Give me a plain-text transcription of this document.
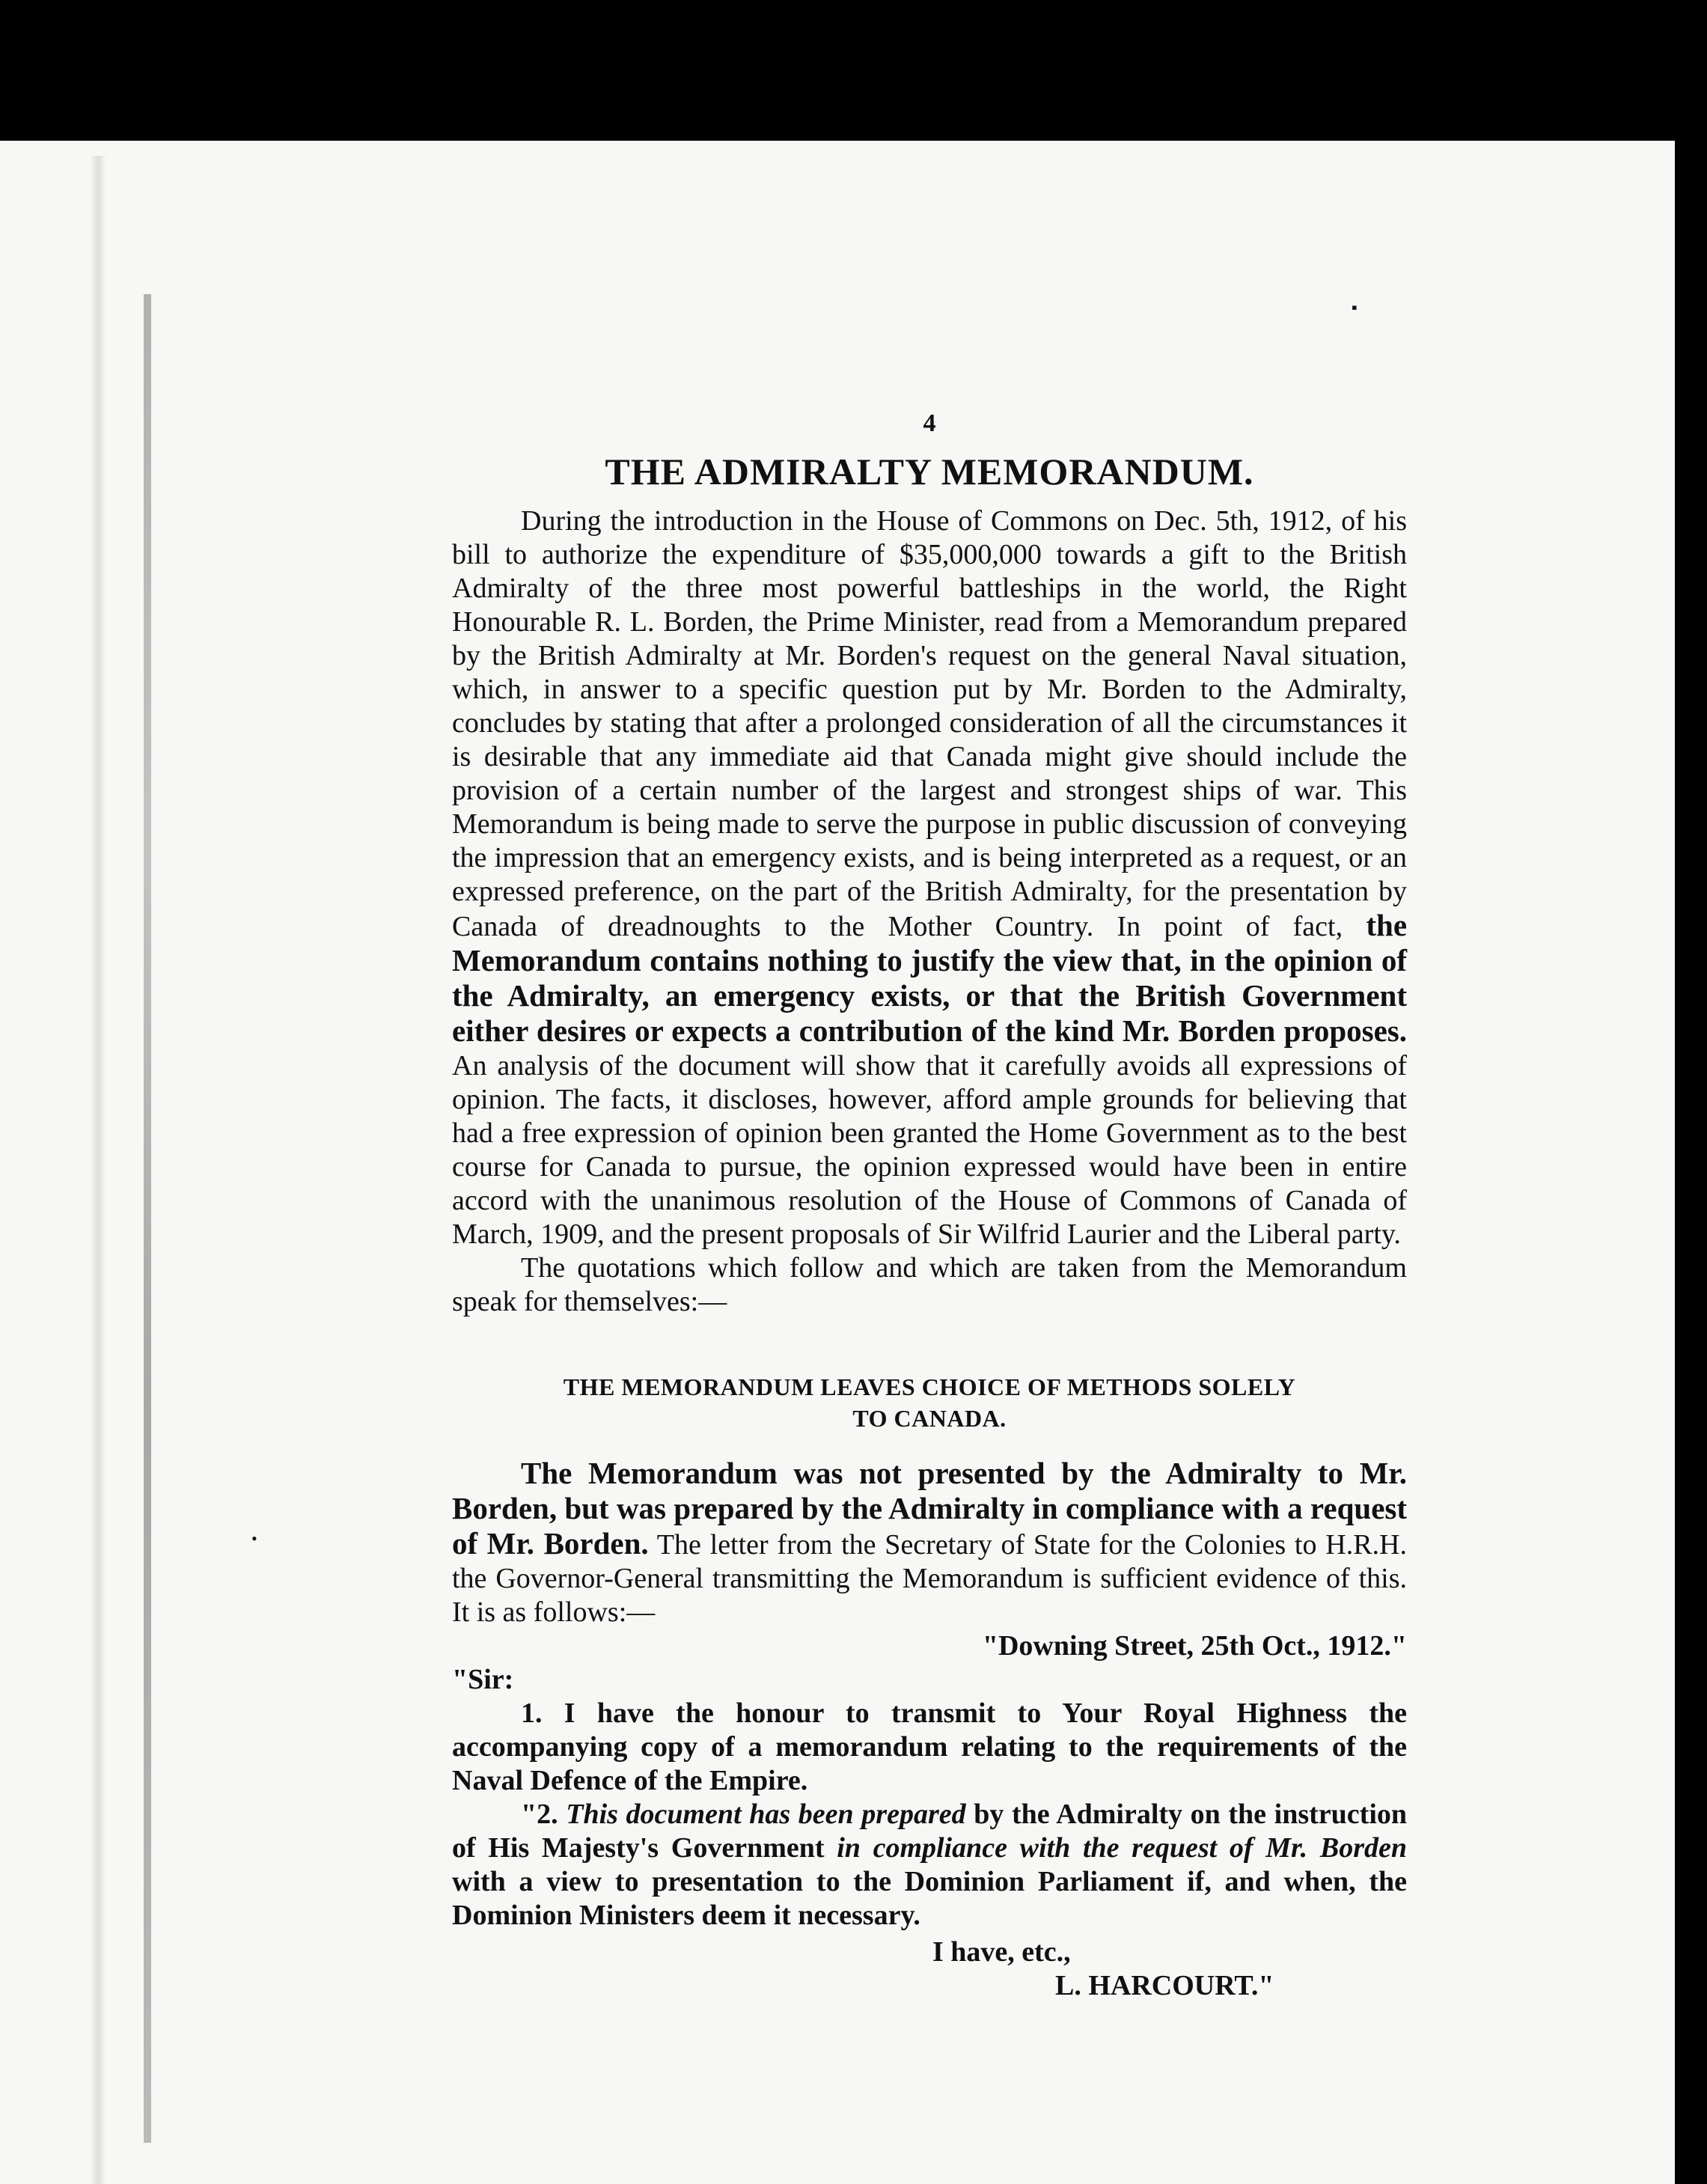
▪
•
4
THE ADMIRALTY MEMORANDUM.

During the introduction in the House of Commons on Dec. 5th, 1912, of his bill to authorize the expenditure of $35,000,000 towards a gift to the British Admiralty of the three most powerful battleships in the world, the Right Honourable R. L. Borden, the Prime Minister, read from a Memorandum prepared by the British Admiralty at Mr. Borden's request on the general Naval situation, which, in answer to a specific question put by Mr. Borden to the Admiralty, concludes by stating that after a prolonged consideration of all the circumstances it is desirable that any immediate aid that Canada might give should include the provision of a certain number of the largest and strongest ships of war. This Memorandum is being made to serve the purpose in public discussion of conveying the impression that an emergency exists, and is being interpreted as a request, or an expressed preference, on the part of the British Admiralty, for the presentation by Canada of dreadnoughts to the Mother Country. In point of fact, the Memorandum contains nothing to justify the view that, in the opinion of the Admiralty, an emergency exists, or that the British Government either desires or expects a contribution of the kind Mr. Borden proposes. An analysis of the document will show that it carefully avoids all expressions of opinion. The facts, it discloses, however, afford ample grounds for believing that had a free expression of opinion been granted the Home Government as to the best course for Canada to pursue, the opinion expressed would have been in entire accord with the unanimous resolution of the House of Commons of Canada of March, 1909, and the present proposals of Sir Wilfrid Laurier and the Liberal party.

The quotations which follow and which are taken from the Memorandum speak for themselves:—

THE MEMORANDUM LEAVES CHOICE OF METHODS SOLELY
TO CANADA.

The Memorandum was not presented by the Admiralty to Mr. Borden, but was prepared by the Admiralty in compliance with a request of Mr. Borden. The letter from the Secretary of State for the Colonies to H.R.H. the Governor-General transmitting the Memorandum is sufficient evidence of this. It is as follows:—

"Downing Street, 25th Oct., 1912."

"Sir:

1. I have the honour to transmit to Your Royal Highness the accompanying copy of a memorandum relating to the requirements of the Naval Defence of the Empire.

"2. This document has been prepared by the Admiralty on the instruction of His Majesty's Government in compliance with the request of Mr. Borden with a view to presentation to the Dominion Parliament if, and when, the Dominion Ministers deem it necessary.

I have, etc.,

L. HARCOURT."
